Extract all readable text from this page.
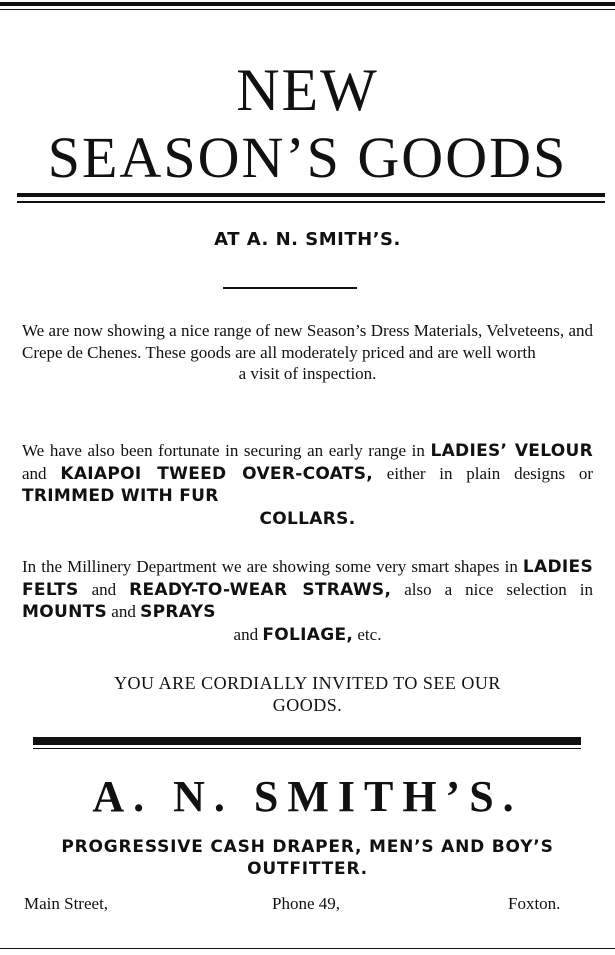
NEW
SEASON’S GOODS
AT A. N. SMITH’S.
We are now showing a nice range of new Season’s Dress Materials, Velveteens, and Crepe de Chenes. These goods are all moderately priced and are well worth
a visit of inspection.
We have also been fortunate in securing an early range in LADIES’ VELOUR and KAIAPOI TWEED OVER-COATS, either in plain designs or TRIMMED WITH FUR
COLLARS.
In the Millinery Department we are showing some very smart shapes in LADIES FELTS and READY-TO-WEAR STRAWS, also a nice selection in MOUNTS and SPRAYS
and FOLIAGE, etc.
YOU ARE CORDIALLY INVITED TO SEE OUR
GOODS.
A. N. SMITH’S.
PROGRESSIVE CASH DRAPER, MEN’S AND BOY’S
OUTFITTER.
Main Street,	Phone 49,	Foxton.
